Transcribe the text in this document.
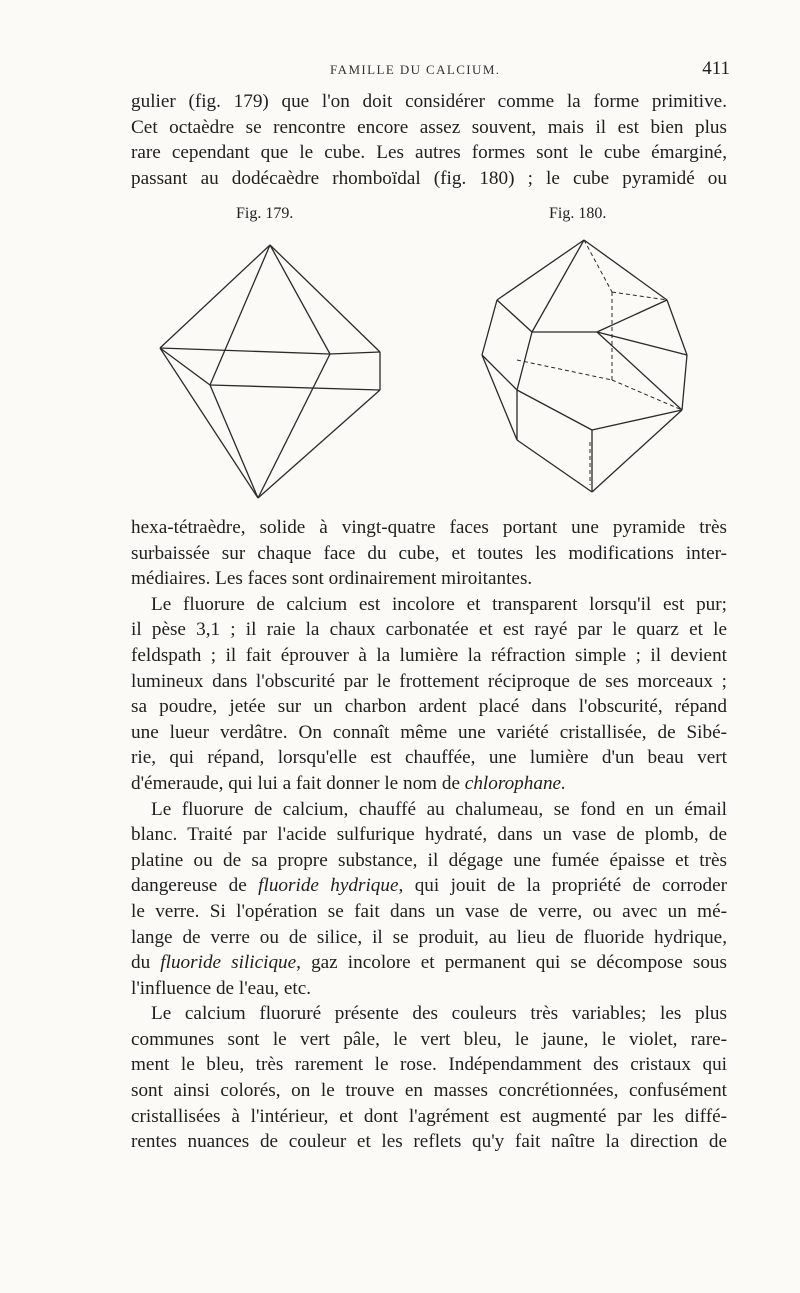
FAMILLE DU CALCIUM.	411
gulier (fig. 179) que l'on doit considérer comme la forme primitive.
Cet octaèdre se rencontre encore assez souvent, mais il est bien plus
rare cependant que le cube. Les autres formes sont le cube émarginé,
passant au dodécaèdre rhomboïdal (fig. 180) ; le cube pyramidé ou
Fig. 179.	Fig. 180.
hexa-tétraèdre, solide à vingt-quatre faces portant une pyramide très
surbaissée sur chaque face du cube, et toutes les modifications inter-
médiaires. Les faces sont ordinairement miroitantes.
Le fluorure de calcium est incolore et transparent lorsqu'il est pur;
il pèse 3,1 ; il raie la chaux carbonatée et est rayé par le quarz et le
feldspath ; il fait éprouver à la lumière la réfraction simple ; il devient
lumineux dans l'obscurité par le frottement réciproque de ses morceaux ;
sa poudre, jetée sur un charbon ardent placé dans l'obscurité, répand
une lueur verdâtre. On connaît même une variété cristallisée, de Sibé-
rie, qui répand, lorsqu'elle est chauffée, une lumière d'un beau vert
d'émeraude, qui lui a fait donner le nom de chlorophane.
Le fluorure de calcium, chauffé au chalumeau, se fond en un émail
blanc. Traité par l'acide sulfurique hydraté, dans un vase de plomb, de
platine ou de sa propre substance, il dégage une fumée épaisse et très
dangereuse de fluoride hydrique, qui jouit de la propriété de corroder
le verre. Si l'opération se fait dans un vase de verre, ou avec un mé-
lange de verre ou de silice, il se produit, au lieu de fluoride hydrique,
du fluoride silicique, gaz incolore et permanent qui se décompose sous
l'influence de l'eau, etc.
Le calcium fluoruré présente des couleurs très variables; les plus
communes sont le vert pâle, le vert bleu, le jaune, le violet, rare-
ment le bleu, très rarement le rose. Indépendamment des cristaux qui
sont ainsi colorés, on le trouve en masses concrétionnées, confusément
cristallisées à l'intérieur, et dont l'agrément est augmenté par les diffé-
rentes nuances de couleur et les reflets qu'y fait naître la direction de
